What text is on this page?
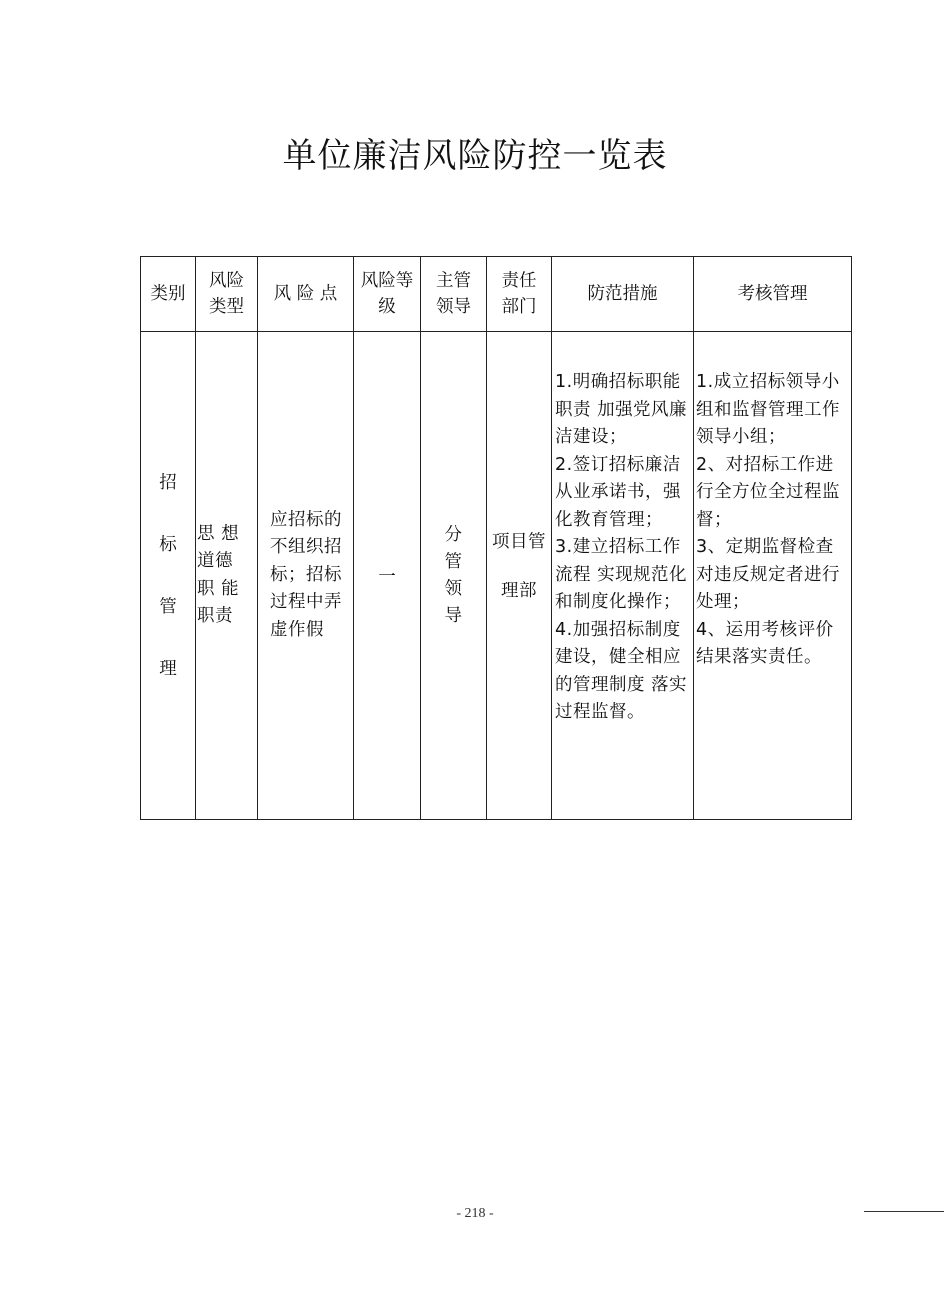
单位廉洁风险防控一览表
类别	风险类型	风 险 点	风险等级	主管领导	责任部门	防范措施	考核管理

招
标
管
理	思 想 道德 职 能 职责	应招标的不组织招标；招标过程中弄虚作假	一	分
管
领
导	项目管
理部	1.明确招标职能职责 加强党风廉洁建设；
2.签订招标廉洁从业承诺书，强化教育管理；
3.建立招标工作流程 实现规范化和制度化操作；
4.加强招标制度建设，健全相应的管理制度 落实过程监督。	1.成立招标领导小组和监督管理工作领导小组；
2、对招标工作进行全方位全过程监督；
3、定期监督检查 对违反规定者进行处理；
4、运用考核评价结果落实责任。
- 218 -
